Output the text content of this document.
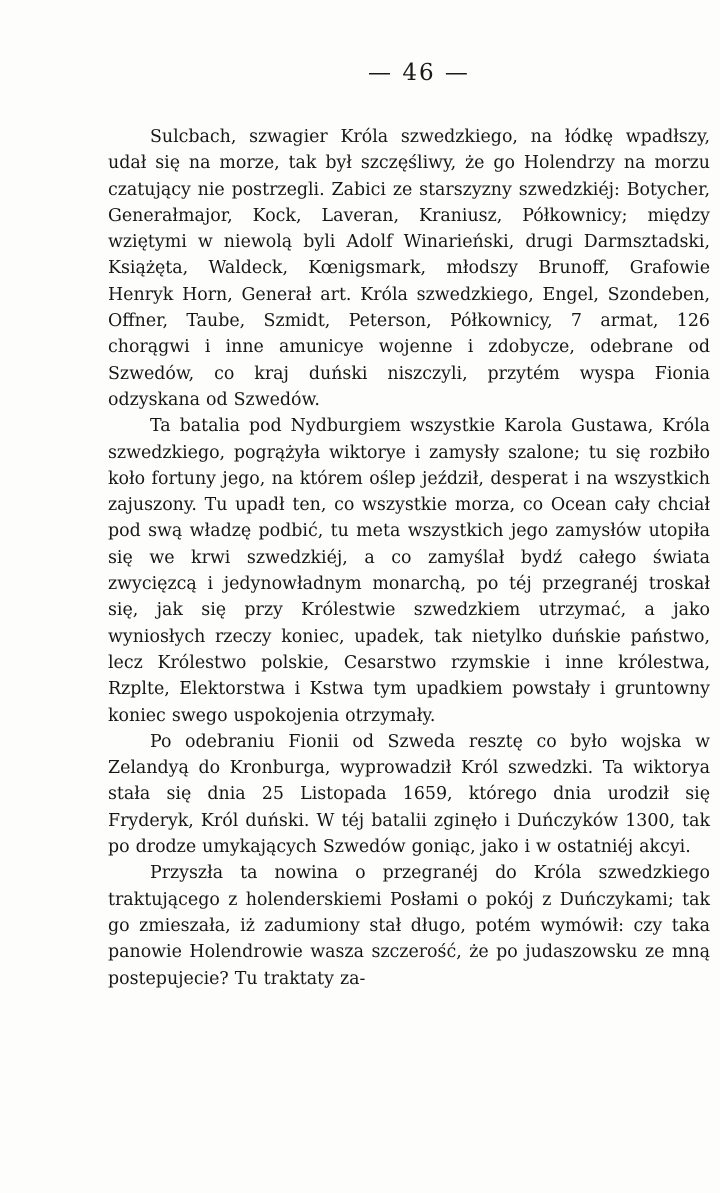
— 46 —

Sulcbach, szwagier Króla szwedzkiego, na łódkę wpadłszy, udał się na morze, tak był szczęśliwy, że go Holendrzy na morzu czatujący nie postrzegli. Zabici ze starszyzny szwedzkiéj: Botycher, Generałmajor, Kock, Laveran, Kraniusz, Półkownicy; między wziętymi w niewolą byli Adolf Winarieński, drugi Darmsztadski, Książęta, Waldeck, Kœnigsmark, młodszy Brunoff, Grafowie Henryk Horn, Generał art. Króla szwedzkiego, Engel, Szondeben, Offner, Taube, Szmidt, Peterson, Półkownicy, 7 armat, 126 chorągwi i inne amunicye wojenne i zdobycze, odebrane od Szwedów, co kraj duński niszczyli, przytém wyspa Fionia odzyskana od Szwedów.

Ta batalia pod Nydburgiem wszystkie Karola Gustawa, Króla szwedzkiego, pogrążyła wiktorye i zamysły szalone; tu się rozbiło koło fortuny jego, na którem oślep jeździł, desperat i na wszystkich zajuszony. Tu upadł ten, co wszystkie morza, co Ocean cały chciał pod swą władzę podbić, tu meta wszystkich jego zamysłów utopiła się we krwi szwedzkiéj, a co zamyślał bydź całego świata zwycięzcą i jedynowładnym monarchą, po téj przegranéj troskał się, jak się przy Królestwie szwedzkiem utrzymać, a jako wyniosłych rzeczy koniec, upadek, tak nietylko duńskie państwo, lecz Królestwo polskie, Cesarstwo rzymskie i inne królestwa, Rzplte, Elektorstwa i Kstwa tym upadkiem powstały i gruntowny koniec swego uspokojenia otrzymały.

Po odebraniu Fionii od Szweda resztę co było wojska w Zelandyą do Kronburga, wyprowadził Król szwedzki. Ta wiktorya stała się dnia 25 Listopada 1659, którego dnia urodził się Fryderyk, Król duński. W téj batalii zginęło i Duńczyków 1300, tak po drodze umykających Szwedów goniąc, jako i w ostatniéj akcyi.

Przyszła ta nowina o przegranéj do Króla szwedzkiego traktującego z holenderskiemi Posłami o pokój z Duńczykami; tak go zmieszała, iż zadumiony stał długo, potém wymówił: czy taka panowie Holendrowie wasza szczerość, że po judaszowsku ze mną postepujecie? Tu traktaty za-
